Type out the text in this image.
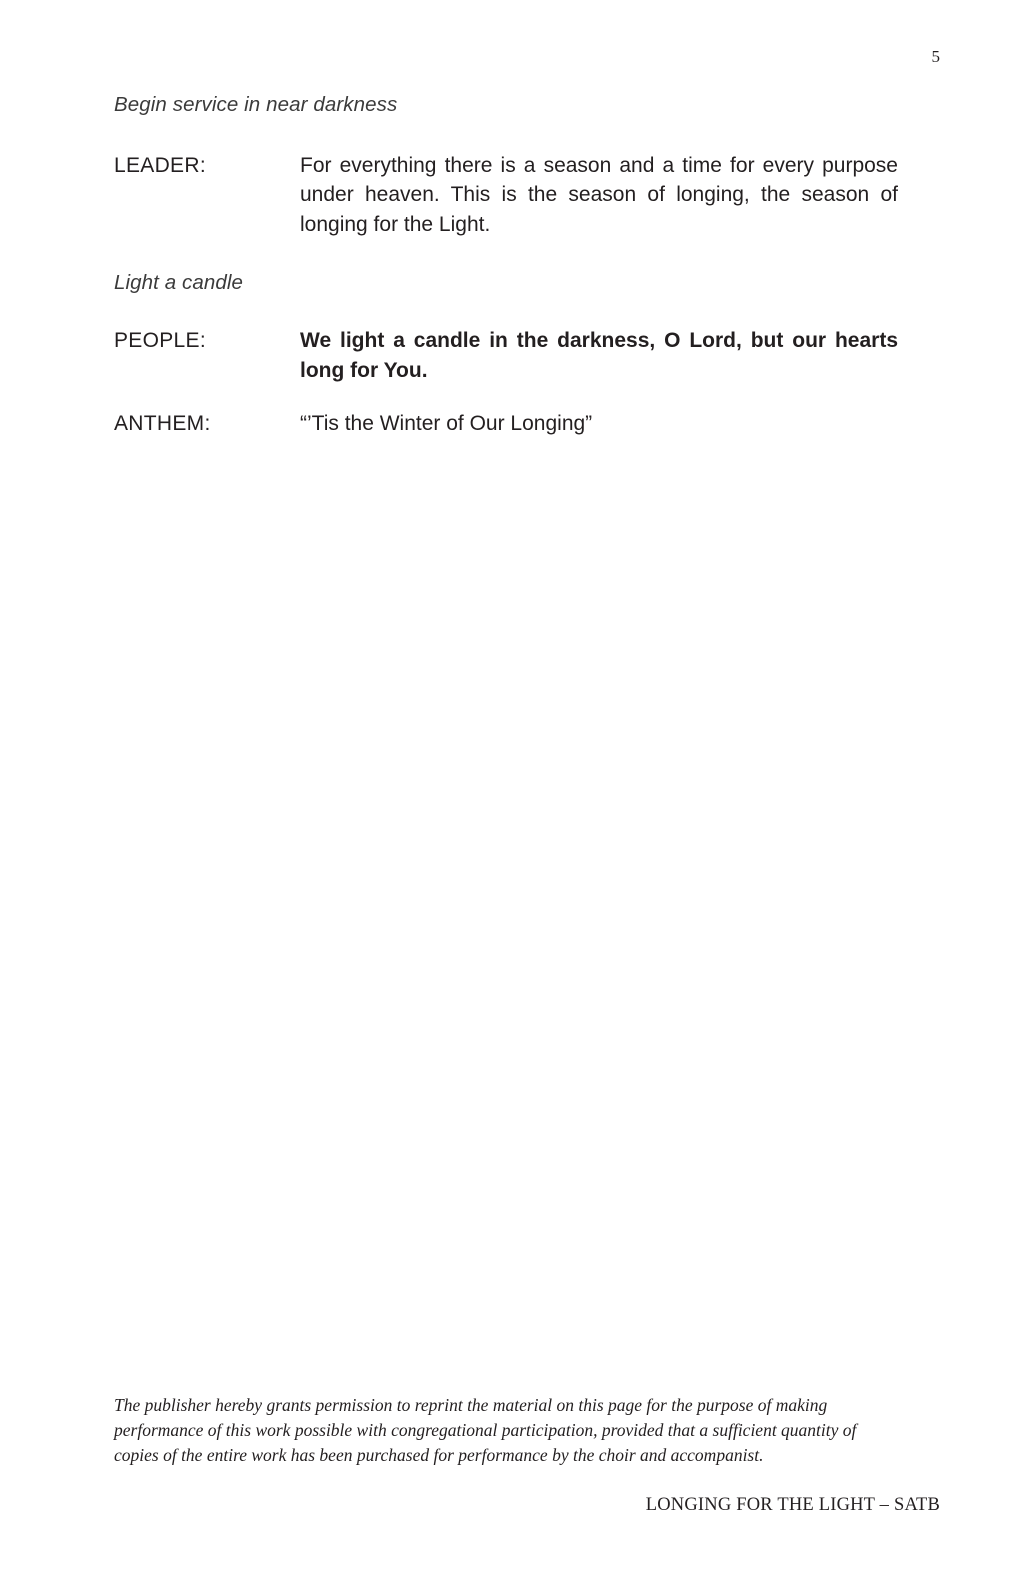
5

Begin service in near darkness

LEADER:	For everything there is a season and a time for every purpose under heaven. This is the season of longing, the season of longing for the Light.

Light a candle

PEOPLE:	We light a candle in the darkness, O Lord, but our hearts long for You.
ANTHEM:	“’Tis the Winter of Our Longing”
The publisher hereby grants permission to reprint the material on this page for the purpose of making performance of this work possible with congregational participation, provided that a sufficient quantity of copies of the entire work has been purchased for performance by the choir and accompanist.
LONGING FOR THE LIGHT – SATB
